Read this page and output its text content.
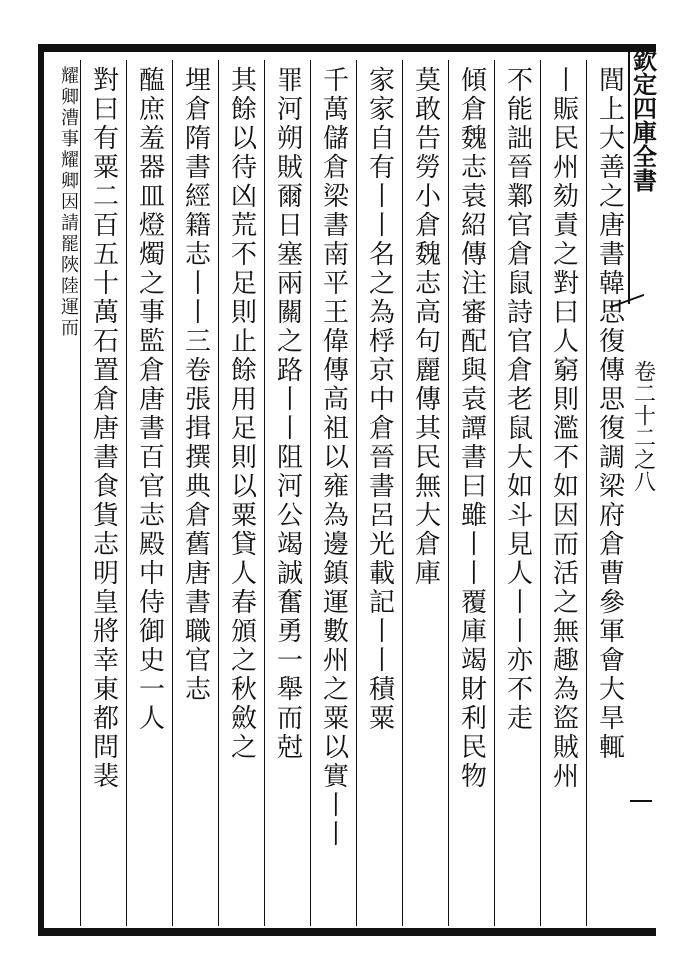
欽定四庫全書
卷二十二之八
閭上大善之唐書韓思復傳思復調梁府倉曹參軍會大旱輒
丨賑民州劾責之對曰人窮則濫不如因而活之無趣為盜賊州
不能詘晉鄴官倉鼠詩官倉老鼠大如斗見人丨丨亦不走
傾倉魏志袁紹傳注審配與袁譚書曰雖丨丨覆庫竭財利民物
莫敢告勞小倉魏志高句麗傳其民無大倉庫
家家自有丨丨名之為桴京中倉晉書呂光載記丨丨積粟
千萬儲倉梁書南平王偉傳高祖以雍為邊鎮運數州之粟以實丨丨
罪河朔賊爾日塞兩關之路丨丨阻河公竭誠奮勇一舉而尅
其餘以待凶荒不足則止餘用足則以粟貸人春頒之秋斂之
埋倉隋書經籍志丨丨三卷張揖撰典倉舊唐書職官志
醢庶羞器皿燈燭之事監倉唐書百官志殿中侍御史一人
對曰有粟二百五十萬石置倉唐書食貨志明皇將幸東都問裴
耀卿漕事耀卿因請罷陜陸運而
